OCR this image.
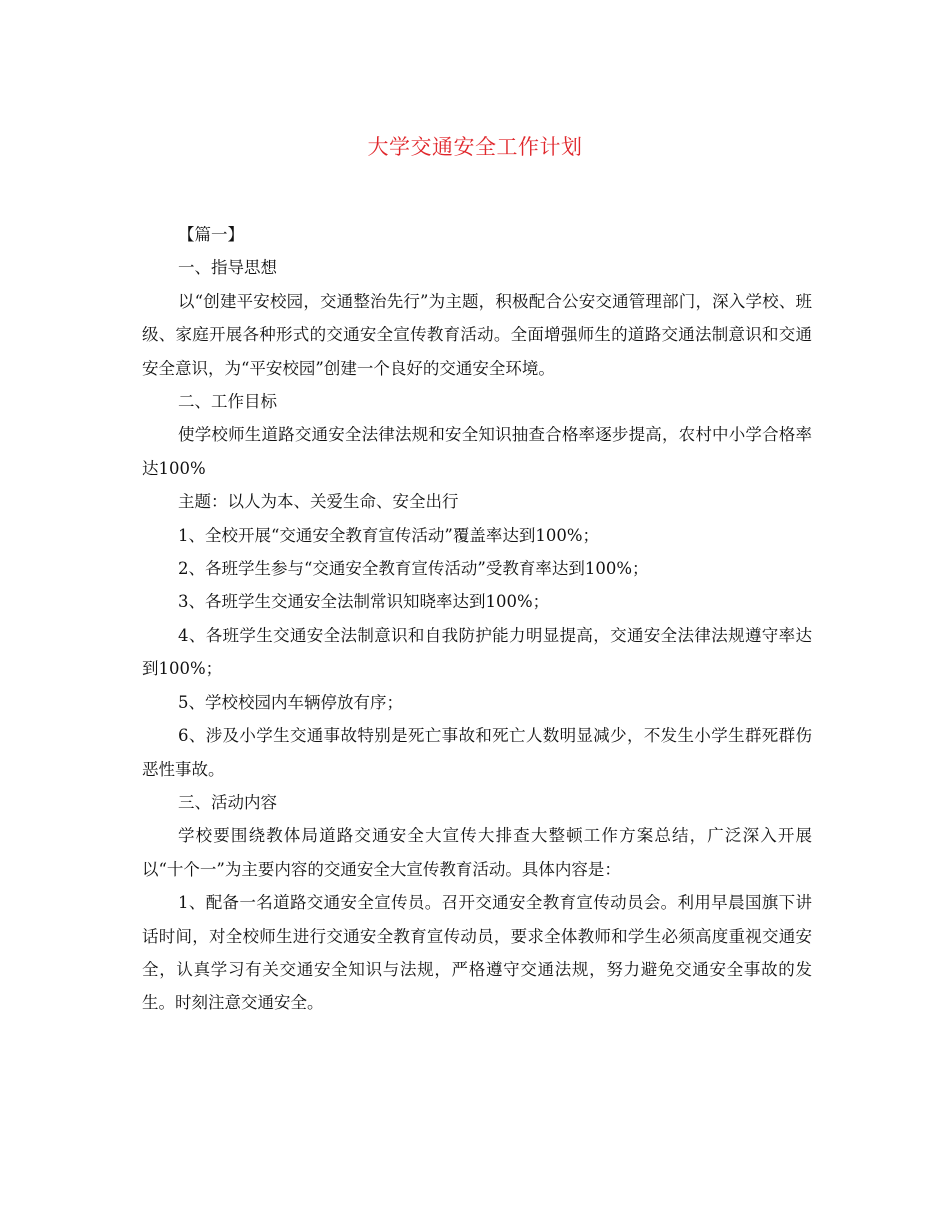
大学交通安全工作计划

【篇一】

一、指导思想

以“创建平安校园，交通整治先行”为主题，积极配合公安交通管理部门，深入学校、班级、家庭开展各种形式的交通安全宣传教育活动。全面增强师生的道路交通法制意识和交通安全意识，为“平安校园”创建一个良好的交通安全环境。

二、工作目标

使学校师生道路交通安全法律法规和安全知识抽查合格率逐步提高，农村中小学合格率达100%

主题：以人为本、关爱生命、安全出行

1、全校开展“交通安全教育宣传活动”覆盖率达到100%；

2、各班学生参与“交通安全教育宣传活动”受教育率达到100%；

3、各班学生交通安全法制常识知晓率达到100%；

4、各班学生交通安全法制意识和自我防护能力明显提高，交通安全法律法规遵守率达到100%；

5、学校校园内车辆停放有序；

6、涉及小学生交通事故特别是死亡事故和死亡人数明显减少，不发生小学生群死群伤恶性事故。

三、活动内容

学校要围绕教体局道路交通安全大宣传大排查大整顿工作方案总结，广泛深入开展以“十个一”为主要内容的交通安全大宣传教育活动。具体内容是：

1、配备一名道路交通安全宣传员。召开交通安全教育宣传动员会。利用早晨国旗下讲话时间，对全校师生进行交通安全教育宣传动员，要求全体教师和学生必须高度重视交通安全，认真学习有关交通安全知识与法规，严格遵守交通法规，努力避免交通安全事故的发生。时刻注意交通安全。
